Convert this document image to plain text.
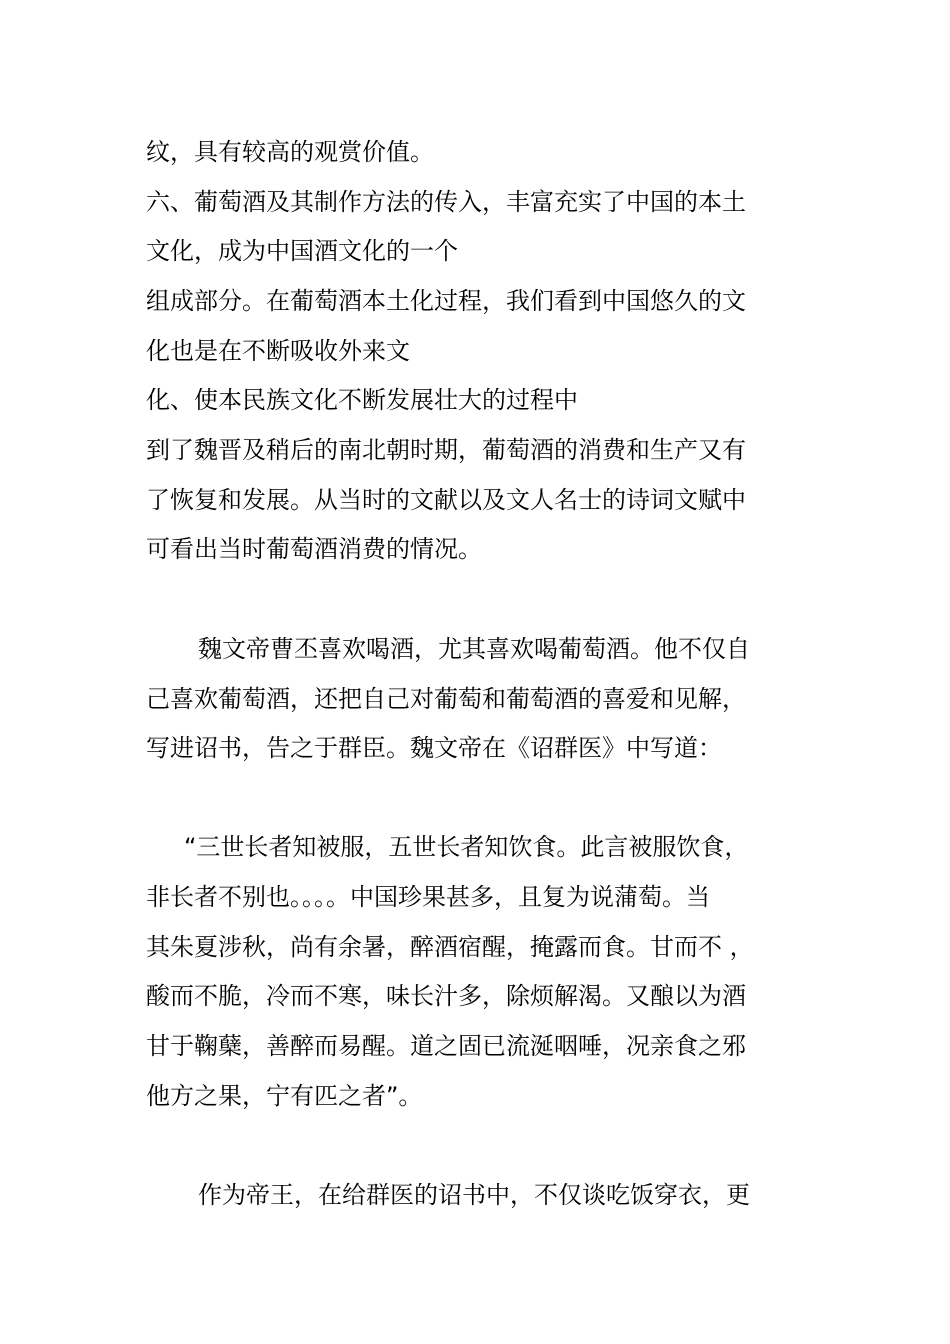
纹，具有较高的观赏价值。
六、葡萄酒及其制作方法的传入，丰富充实了中国的本土
文化，成为中国酒文化的一个
组成部分。在葡萄酒本土化过程，我们看到中国悠久的文
化也是在不断吸收外来文
化、使本民族文化不断发展壮大的过程中
到了魏晋及稍后的南北朝时期，葡萄酒的消费和生产又有
了恢复和发展。从当时的文献以及文人名士的诗词文赋中
可看出当时葡萄酒消费的情况。
魏文帝曹丕喜欢喝酒，尤其喜欢喝葡萄酒。他不仅自
己喜欢葡萄酒，还把自己对葡萄和葡萄酒的喜爱和见解，
写进诏书，告之于群臣。魏文帝在《诏群医》中写道：
“三世长者知被服，五世长者知饮食。此言被服饮食，
非长者不别也。。。。中国珍果甚多，且复为说蒲萄。当
其朱夏涉秋，尚有余暑，醉酒宿醒，掩露而食。甘而不 ，
酸而不脆，冷而不寒，味长汁多，除烦解渴。又酿以为酒
甘于鞠蘖，善醉而易醒。道之固已流涎咽唾，况亲食之邪
他方之果，宁有匹之者”。
作为帝王，在给群医的诏书中，不仅谈吃饭穿衣，更
